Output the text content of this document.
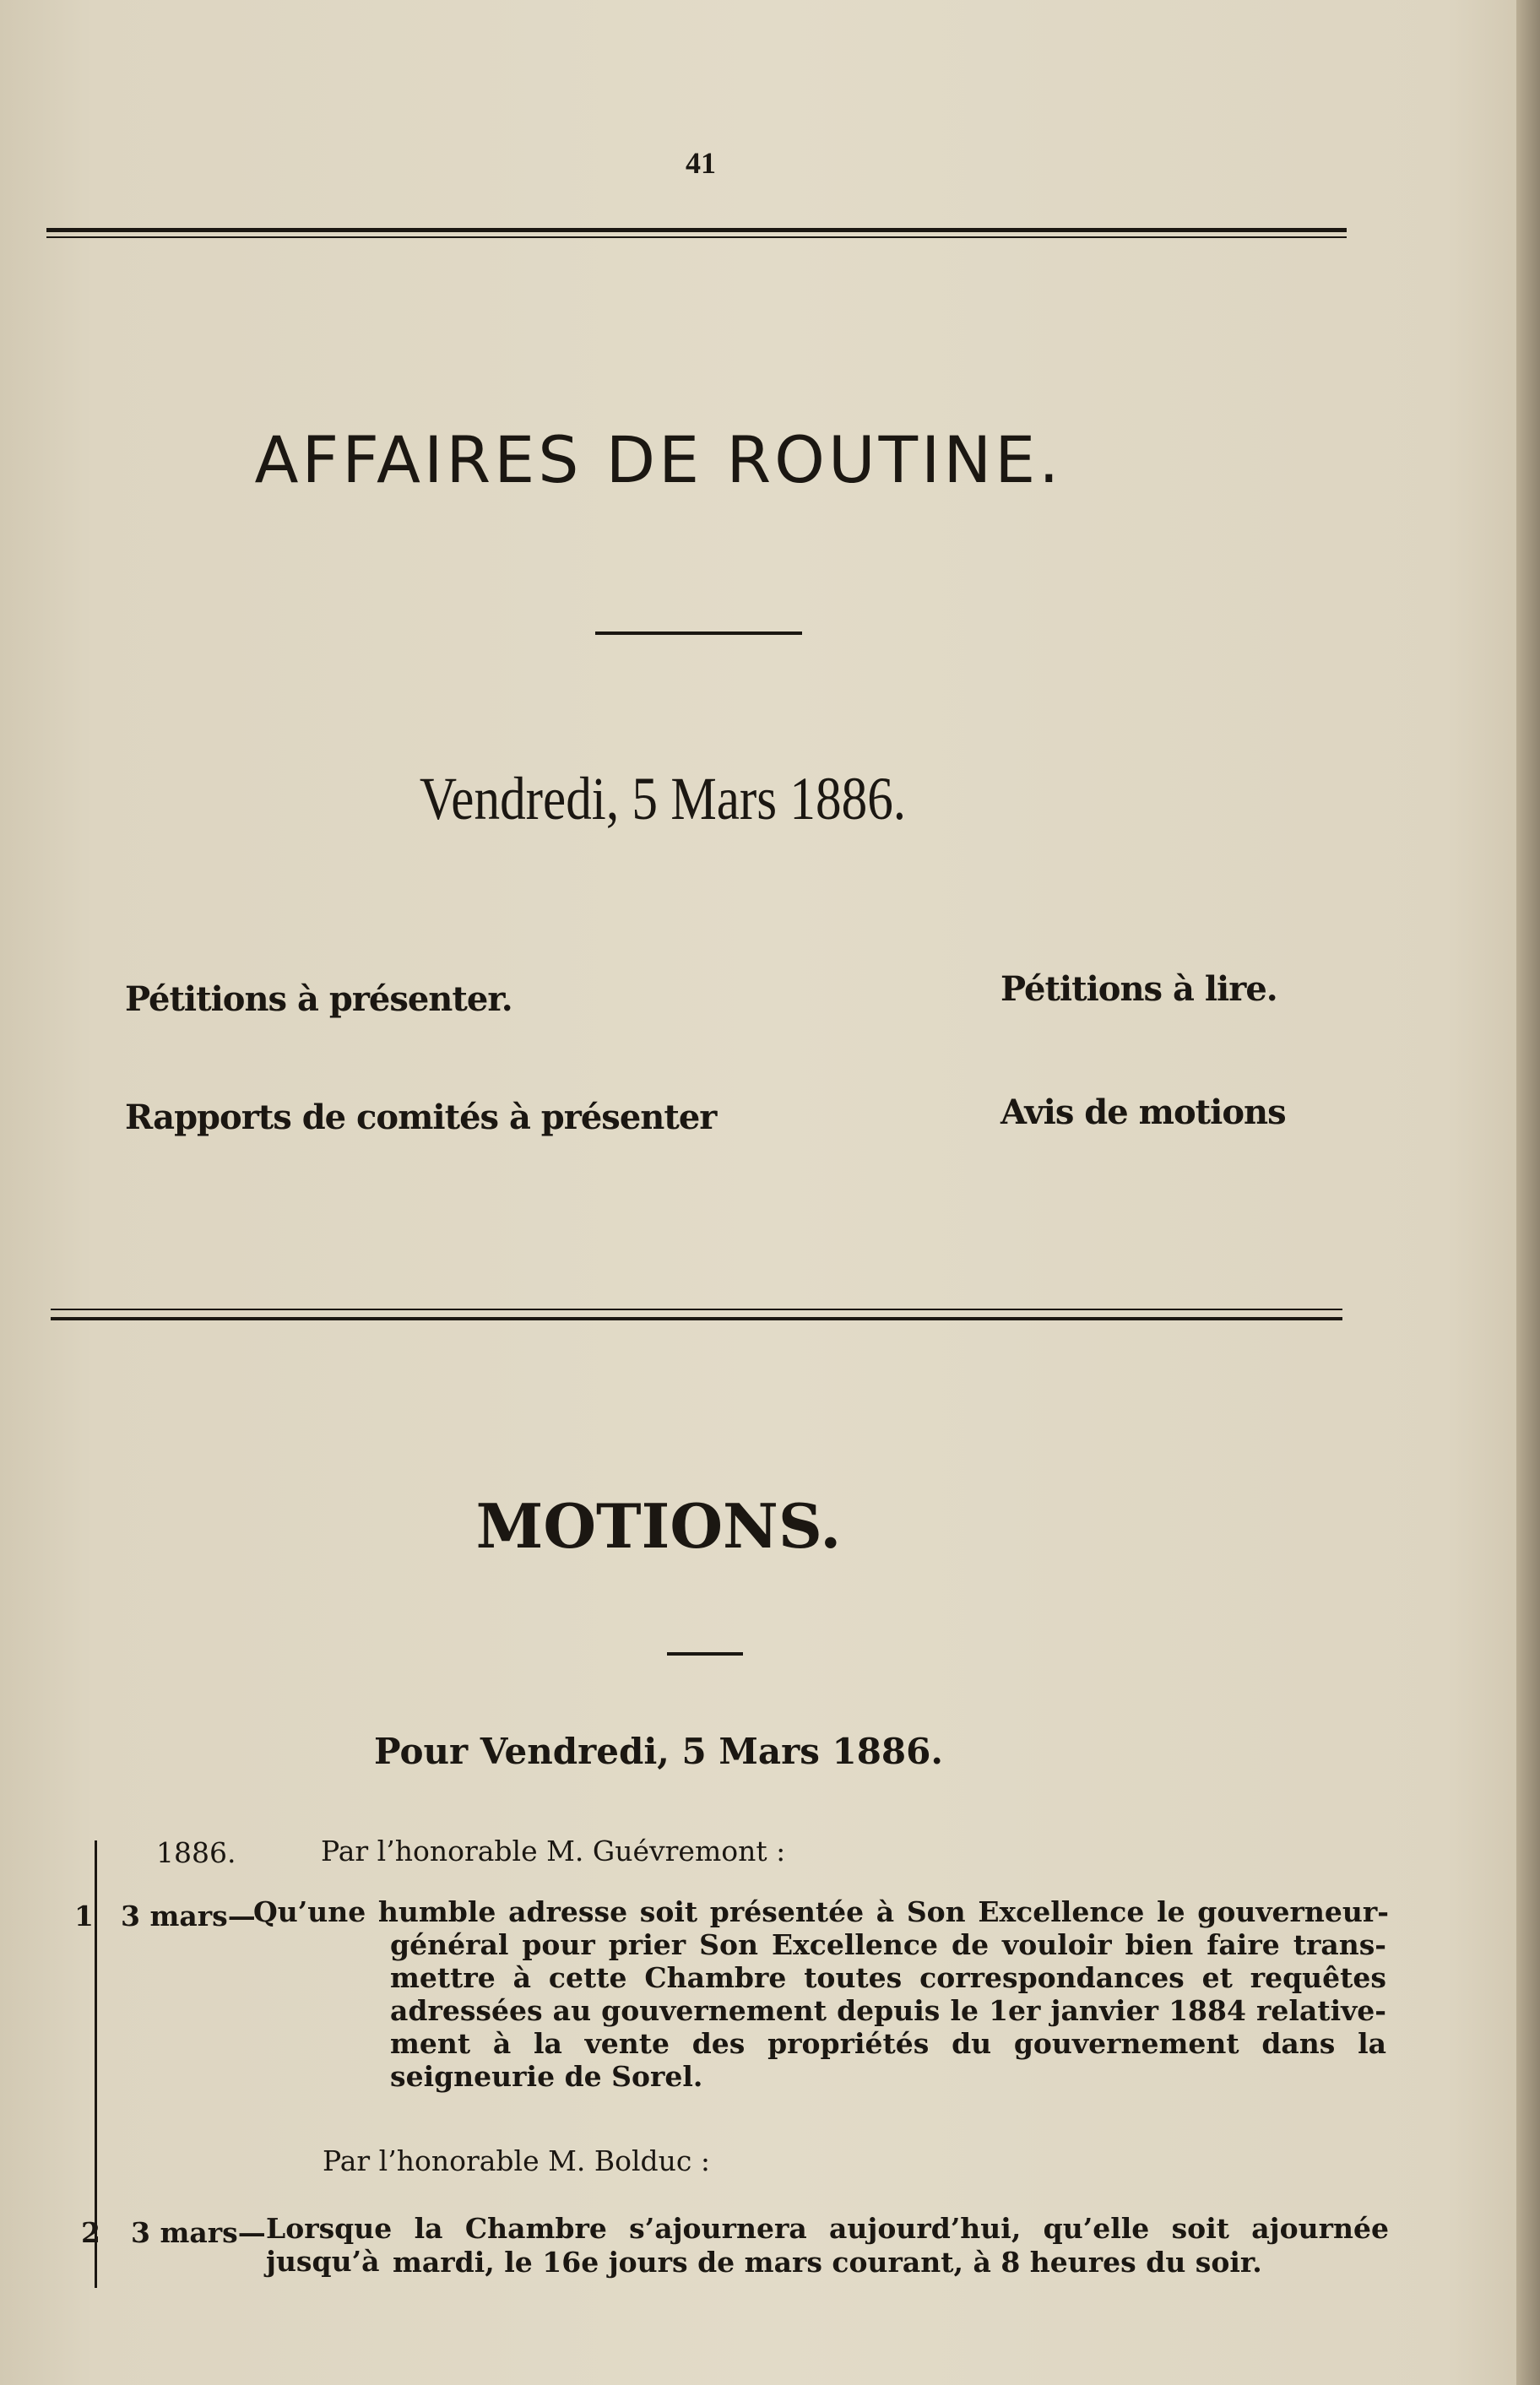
41
AFFAIRES DE ROUTINE.
Vendredi, 5 Mars 1886.
Pétitions à présenter.	Pétitions à lire.
Rapports de comités à présenter	Avis de motions
MOTIONS.
Pour Vendredi, 5 Mars 1886.
1886.	Par l’honorable M. Guévremont :
1 3 mars—
Qu’une humble adresse soit présentée à Son Excellence le gouverneur-
général pour prier Son Excellence de vouloir bien faire trans-
mettre à cette Chambre toutes correspondances et requêtes
adressées au gouvernement depuis le 1er janvier 1884 relative-
ment à la vente des propriétés du gouvernement dans la
seigneurie de Sorel.
Par l’honorable M. Bolduc :
2 3 mars— Lorsque la Chambre s’ajournera aujourd’hui, qu’elle soit ajournée jusqu’à mardi, le 16e jours de mars courant, à 8 heures du soir.
